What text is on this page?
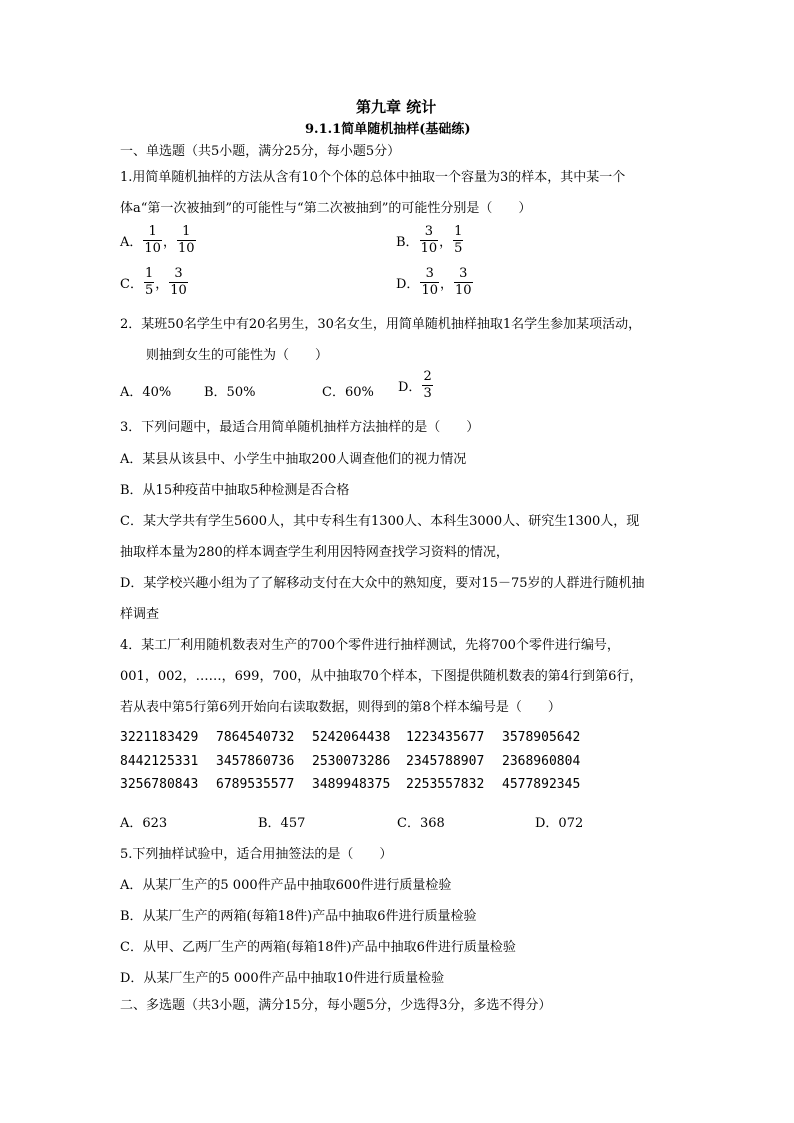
第九章 统计
9.1.1简单随机抽样(基础练)
一、单选题（共5小题，满分25分，每小题5分）
1.用简单随机抽样的方法从含有10个个体的总体中抽取一个容量为3的样本，其中某一个
体a“第一次被抽到”的可能性与“第二次被抽到”的可能性分别是（　　）
A． $\frac{1}{10}$ ， $\frac{1}{10}$	B． $\frac{3}{10}$ ， $\frac{1}{5}$
C． $\frac{1}{5}$ ， $\frac{3}{10}$	D． $\frac{3}{10}$ ， $\frac{3}{10}$
2．某班50名学生中有20名男生，30名女生，用简单随机抽样抽取1名学生参加某项活动，
则抽到女生的可能性为（　　）
A．40%	B．50%	C．60% D． $\frac{2}{3}$
3．下列问题中，最适合用简单随机抽样方法抽样的是（　　）
A．某县从该县中、小学生中抽取200人调查他们的视力情况
B．从15种疫苗中抽取5种检测是否合格
C．某大学共有学生5600人，其中专科生有1300人、本科生3000人、研究生1300人，现
抽取样本量为280的样本调查学生利用因特网查找学习资料的情况，
D．某学校兴趣小组为了了解移动支付在大众中的熟知度，要对15－75岁的人群进行随机抽
样调查
4．某工厂利用随机数表对生产的700个零件进行抽样测试，先将700个零件进行编号，
001，002，……，699，700，从中抽取70个样本，下图提供随机数表的第4行到第6行，
若从表中第5行第6列开始向右读取数据，则得到的第8个样本编号是（　　）
3221183429 7864540732 5242064438 1223435677 3578905642
8442125331 3457860736 2530073286 2345788907 2368960804
3256780843 6789535577 3489948375 2253557832 4577892345
A．623	B．457	C．368	D．072
5.下列抽样试验中，适合用抽签法的是（　　）
A．从某厂生产的5 000件产品中抽取600件进行质量检验
B．从某厂生产的两箱(每箱18件)产品中抽取6件进行质量检验
C．从甲、乙两厂生产的两箱(每箱18件)产品中抽取6件进行质量检验
D．从某厂生产的5 000件产品中抽取10件进行质量检验
二、多选题（共3小题，满分15分，每小题5分，少选得3分，多选不得分）
